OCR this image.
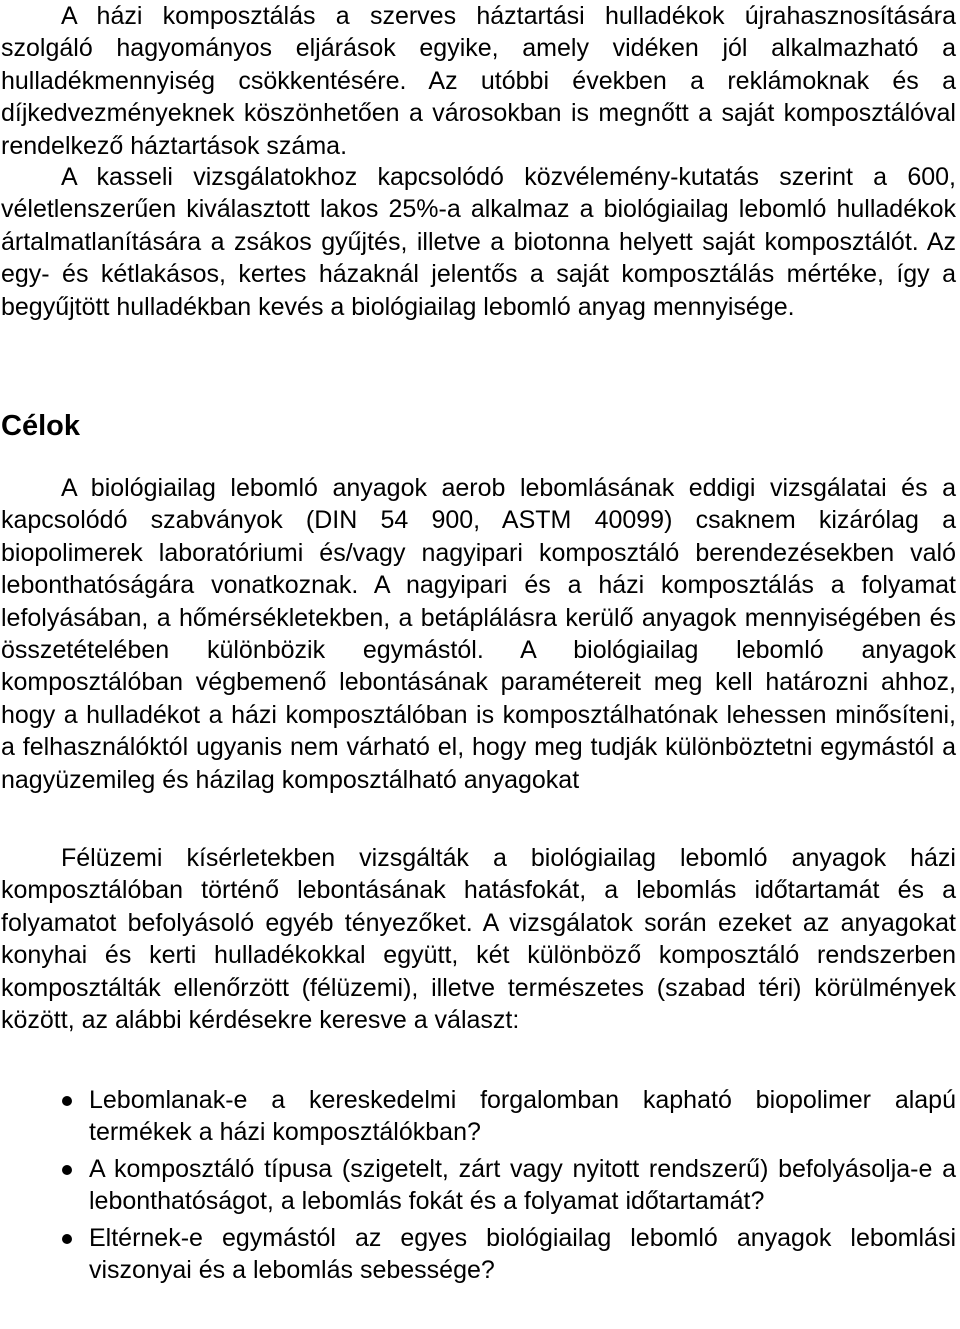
A házi komposztálás a szerves háztartási hulladékok újrahasznosítására szolgáló hagyományos eljárások egyike, amely vidéken jól alkalmazható a hulladékmennyiség csökkentésére. Az utóbbi években a reklámoknak és a díjkedvezményeknek köszönhetően a városokban is megnőtt a saját komposztálóval rendelkező háztartások száma.

A kasseli vizsgálatokhoz kapcsolódó közvélemény-kutatás szerint a 600, véletlenszerűen kiválasztott lakos 25%-a alkalmaz a biológiailag lebomló hulladékok ártalmatlanítására a zsákos gyűjtés, illetve a biotonna helyett saját komposztálót. Az egy- és kétlakásos, kertes házaknál jelentős a saját komposztálás mértéke, így a begyűjtött hulladékban kevés a biológiailag lebomló anyag mennyisége.

Célok

A biológiailag lebomló anyagok aerob lebomlásának eddigi vizsgálatai és a kapcsolódó szabványok (DIN 54 900, ASTM 40099) csaknem kizárólag a biopolimerek laboratóriumi és/vagy nagyipari komposztáló berendezésekben való lebonthatóságára vonatkoznak. A nagyipari és a házi komposztálás a folyamat lefolyásában, a hőmérsékletekben, a betáplálásra kerülő anyagok mennyiségében és összetételében különbözik egymástól. A biológiailag lebomló anyagok komposztálóban végbemenő lebontásának paramétereit meg kell határozni ahhoz, hogy a hulladékot a házi komposztálóban is komposztálhatónak lehessen minősíteni, a felhasználóktól ugyanis nem várható el, hogy meg tudják különböztetni egymástól a nagyüzemileg és házilag komposztálható anyagokat

Félüzemi kísérletekben vizsgálták a biológiailag lebomló anyagok házi komposztálóban történő lebontásának hatásfokát, a lebomlás időtartamát és a folyamatot befolyásoló egyéb tényezőket. A vizsgálatok során ezeket az anyagokat konyhai és kerti hulladékokkal együtt, két különböző komposztáló rendszerben komposztálták ellenőrzött (félüzemi), illetve természetes (szabad téri) körülmények között, az alábbi kérdésekre keresve a választ:

Lebomlanak-e a kereskedelmi forgalomban kapható biopolimer alapú termékek a házi komposztálókban?
A komposztáló típusa (szigetelt, zárt vagy nyitott rendszerű) befolyásolja-e a lebonthatóságot, a lebomlás fokát és a folyamat időtartamát?
Eltérnek-e egymástól az egyes biológiailag lebomló anyagok lebomlási viszonyai és a lebomlás sebessége?
